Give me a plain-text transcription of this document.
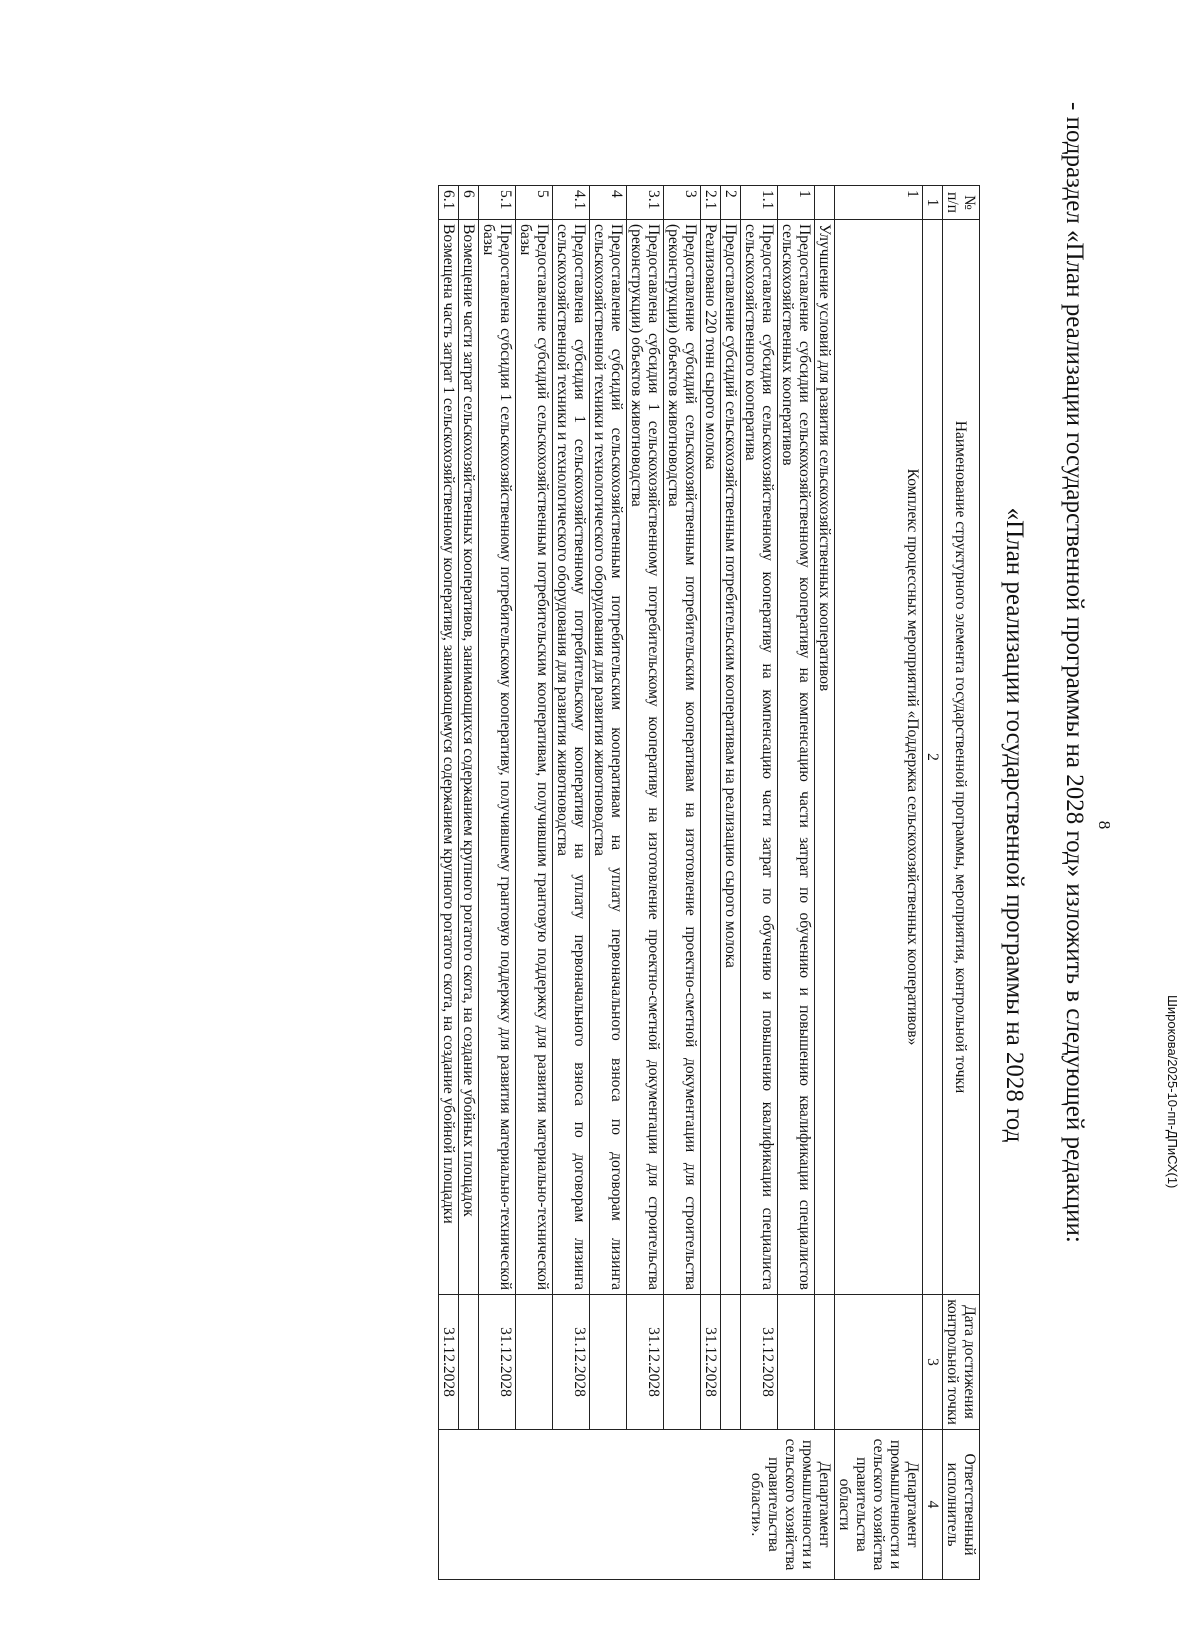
8
- подраздел «План реализации государственной программы на 2028 год» изложить в следующей редакции:
«План реализации государственной программы на 2028 год
№ п/п	Наименование структурного элемента государственной программы, мероприятия, контрольной точки	Дата достижения контрольной точки	Ответственный исполнитель
1	2	3	4
1	Комплекс процессных мероприятий «Поддержка сельскохозяйственных кооперативов»		Департамент промышленности и сельского хозяйства правительства области
	Улучшение условий для развития сельскохозяйственных кооперативов		Департамент промышленности и сельского хозяйства правительства области».
1	Предоставление субсидии сельскохозяйственному кооперативу на компенсацию части затрат по обучению и повышению квалификации специалистов сельскохозяйственных кооперативов		
1.1	Предоставлена субсидия сельскохозяйственному кооперативу на компенсацию части затрат по обучению и повышению квалификации специалиста сельскохозяйственного кооператива	31.12.2028	
2	Предоставление субсидий сельскохозяйственным потребительским кооперативам на реализацию сырого молока		
2.1	Реализовано 220 тонн сырого молока	31.12.2028	
3	Предоставление субсидий сельскохозяйственным потребительским кооперативам на изготовление проектно-сметной документации для строительства (реконструкции) объектов животноводства		
3.1	Предоставлена субсидия 1 сельскохозяйственному потребительскому кооперативу на изготовление проектно-сметной документации для строительства (реконструкции) объектов животноводства	31.12.2028	
4	Предоставление субсидий сельскохозяйственным потребительским кооперативам на уплату первоначального взноса по договорам лизинга сельскохозяйственной техники и технологического оборудования для развития животноводства		
4.1	Предоставлена субсидия 1 сельскохозяйственному потребительскому кооперативу на уплату первоначального взноса по договорам лизинга сельскохозяйственной техники и технологического оборудования для развития животноводства	31.12.2028	
5	Предоставление субсидий сельскохозяйственным потребительским кооперативам, получившим грантовую поддержку для развития материально-технической базы		
5.1	Предоставлена субсидия 1 сельскохозяйственному потребительскому кооперативу, получившему грантовую поддержку для развития материально-технической базы	31.12.2028	
6	Возмещение части затрат сельскохозяйственных кооперативов, занимающихся содержанием крупного рогатого скота, на создание убойных площадок		
6.1	Возмещена часть затрат 1 сельскохозяйственному кооперативу, занимающемуся содержанием крупного рогатого скота, на создание убойной площадки	31.12.2028	
Широкова/2025-10-пп-ДПиСХ(1)
